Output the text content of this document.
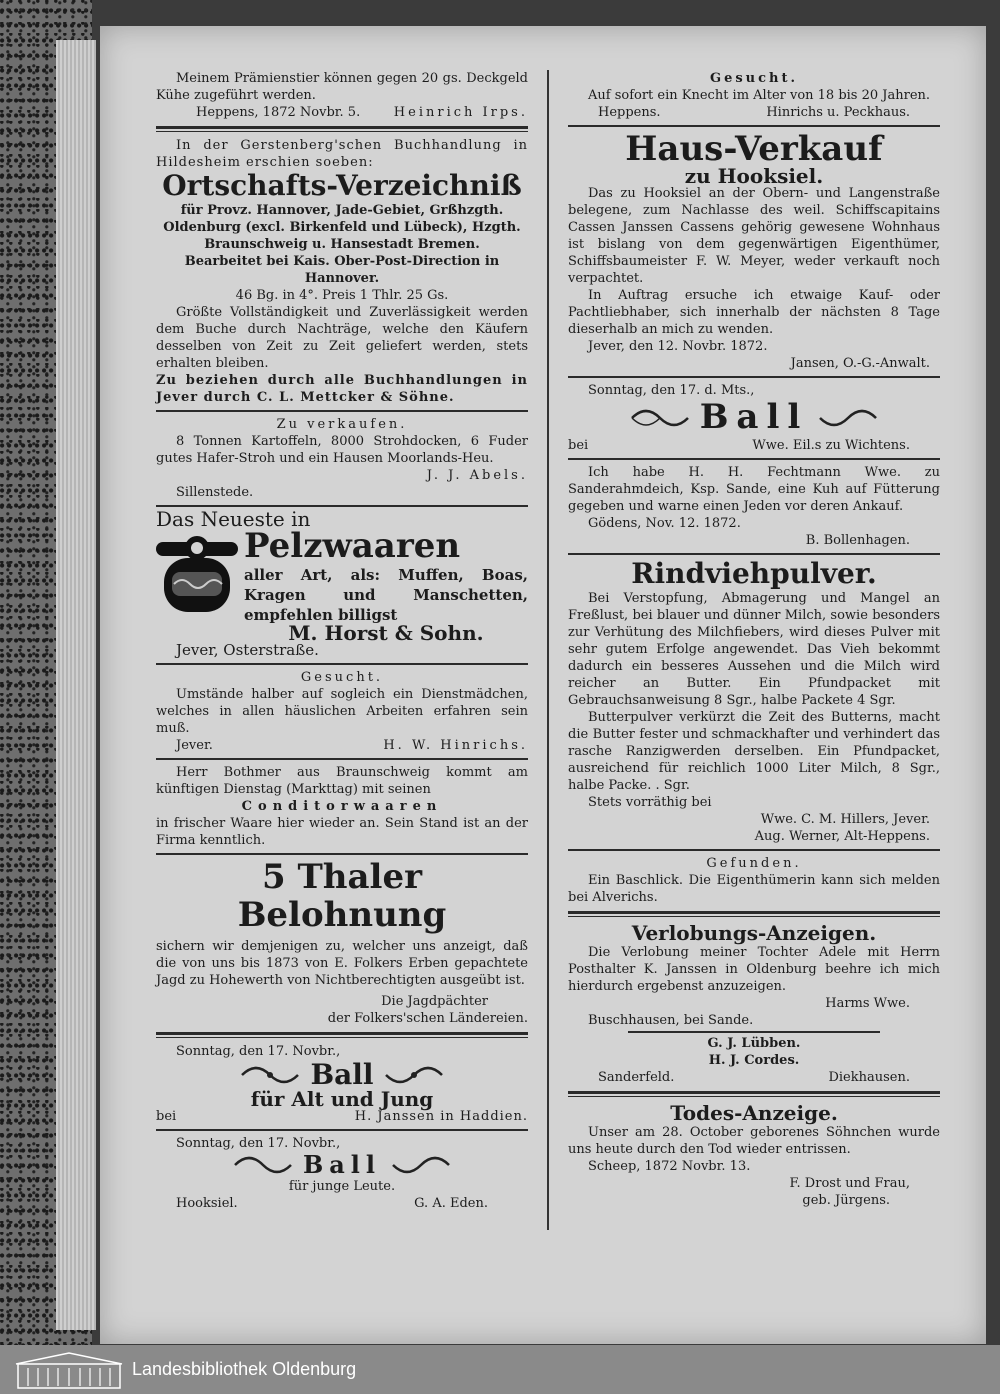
Meinem Prämienstier können gegen 20 gs. Deckgeld Kühe zugeführt werden.

Heppens, 1872 Novbr. 5.	Heinrich Irps.

In der Gerstenberg'schen Buchhandlung in Hildesheim erschien soeben:

Ortschafts-Verzeichniß

für Provz. Hannover, Jade-Gebiet, Grßhzgth. Oldenburg (excl. Birkenfeld und Lübeck), Hzgth. Braunschweig u. Hansestadt Bremen.

Bearbeitet bei Kais. Ober-Post-Direction in Hannover.

46 Bg. in 4°. Preis 1 Thlr. 25 Gs.

Größte Vollständigkeit und Zuverlässigkeit werden dem Buche durch Nachträge, welche den Käufern desselben von Zeit zu Zeit geliefert werden, stets erhalten bleiben.

Zu beziehen durch alle Buchhandlungen in Jever durch C. L. Mettcker & Söhne.

Zu verkaufen.

8 Tonnen Kartoffeln, 8000 Strohdocken, 6 Fuder gutes Hafer-Stroh und ein Hausen Moorlands-Heu.

J. J. Abels.

Sillenstede.

Das Neueste in

Pelzwaaren

aller Art, als: Muffen, Boas, Kragen und Manschetten, empfehlen billigst

M. Horst & Sohn.

Jever, Osterstraße.

Gesucht.

Umstände halber auf sogleich ein Dienstmädchen, welches in allen häuslichen Arbeiten erfahren sein muß.

Jever.	H. W. Hinrichs.

Herr Bothmer aus Braunschweig kommt am künftigen Dienstag (Markttag) mit seinen

Conditorwaaren

in frischer Waare hier wieder an. Sein Stand ist an der Firma kenntlich.

5 Thaler Belohnung

sichern wir demjenigen zu, welcher uns anzeigt, daß die von uns bis 1873 von E. Folkers Erben gepachtete Jagd zu Hohewerth von Nichtberechtigten ausgeübt ist.

Die Jagdpächter

der Folkers'schen Ländereien.

Sonntag, den 17. Novbr.,

Ball

für Alt und Jung

bei	H. Janssen in Haddien.

Sonntag, den 17. Novbr.,

Ball

für junge Leute.

Hooksiel.	G. A. Eden.

Gesucht.

Auf sofort ein Knecht im Alter von 18 bis 20 Jahren.

Heppens.	Hinrichs u. Peckhaus.
Haus-Verkauf

zu Hooksiel.

Das zu Hooksiel an der Obern- und Langenstraße belegene, zum Nachlasse des weil. Schiffscapitains Cassen Janssen Cassens gehörig gewesene Wohnhaus ist bislang von dem gegenwärtigen Eigenthümer, Schiffsbaumeister F. W. Meyer, weder verkauft noch verpachtet.

In Auftrag ersuche ich etwaige Kauf- oder Pachtliebhaber, sich innerhalb der nächsten 8 Tage dieserhalb an mich zu wenden.

Jever, den 12. Novbr. 1872.

Jansen, O.-G.-Anwalt.

Sonntag, den 17. d. Mts.,

Ball
bei	Wwe. Eil.s zu Wichtens.

Ich habe H. H. Fechtmann Wwe. zu Sanderahmdeich, Ksp. Sande, eine Kuh auf Fütterung gegeben und warne einen Jeden vor deren Ankauf.

Gödens, Nov. 12. 1872.

B. Bollenhagen.

Rindviehpulver.

Bei Verstopfung, Abmagerung und Mangel an Freßlust, bei blauer und dünner Milch, sowie besonders zur Verhütung des Milchfiebers, wird dieses Pulver mit sehr gutem Erfolge angewendet. Das Vieh bekommt dadurch ein besseres Aussehen und die Milch wird reicher an Butter. Ein Pfundpacket mit Gebrauchsanweisung 8 Sgr., halbe Packete 4 Sgr.

Butterpulver verkürzt die Zeit des Butterns, macht die Butter fester und schmackhafter und verhindert das rasche Ranzigwerden derselben. Ein Pfundpacket, ausreichend für reichlich 1000 Liter Milch, 8 Sgr., halbe Packe. . Sgr.

Stets vorräthig bei

Wwe. C. M. Hillers, Jever.

Aug. Werner, Alt-Heppens.

Gefunden.

Ein Baschlick. Die Eigenthümerin kann sich melden bei Alverichs.

Verlobungs-Anzeigen.

Die Verlobung meiner Tochter Adele mit Herrn Posthalter K. Janssen in Oldenburg beehre ich mich hierdurch ergebenst anzuzeigen.

Harms Wwe.

Buschhausen, bei Sande.

G. J. Lübben.

H. J. Cordes.

Sanderfeld.	Diekhausen.
Todes-Anzeige.

Unser am 28. October geborenes Söhnchen wurde uns heute durch den Tod wieder entrissen.

Scheep, 1872 Novbr. 13.

F. Drost und Frau,

geb. Jürgens.

Landesbibliothek Oldenburg
